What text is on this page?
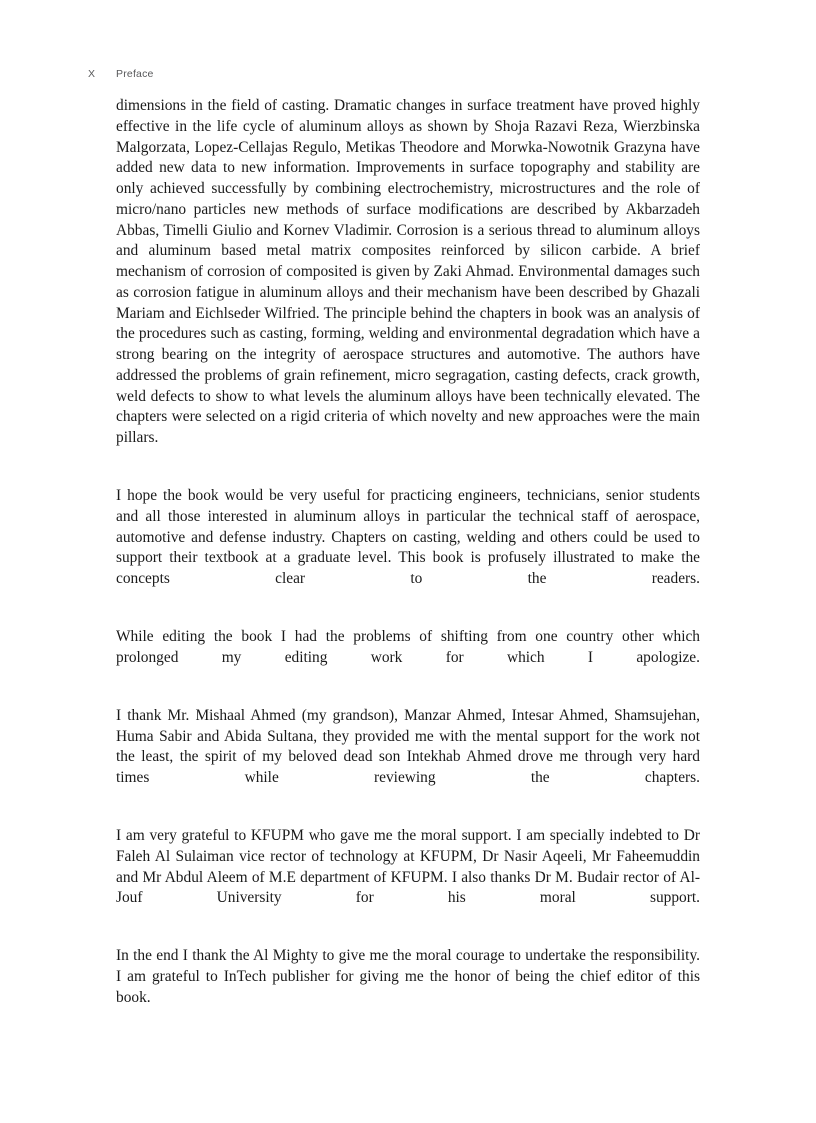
X	Preface

dimensions in the field of casting. Dramatic changes in surface treatment have proved highly effective in the life cycle of aluminum alloys as shown by Shoja Razavi Reza, Wierzbinska Malgorzata, Lopez-Cellajas Regulo, Metikas Theodore and Morwka-Nowotnik Grazyna have added new data to new information. Improvements in surface topography and stability are only achieved successfully by combining electrochemistry, microstructures and the role of micro/nano particles new methods of surface modifications are described by Akbarzadeh Abbas, Timelli Giulio and Kornev Vladimir. Corrosion is a serious thread to aluminum alloys and aluminum based metal matrix composites reinforced by silicon carbide. A brief mechanism of corrosion of composited is given by Zaki Ahmad. Environmental damages such as corrosion fatigue in aluminum alloys and their mechanism have been described by Ghazali Mariam and Eichlseder Wilfried. The principle behind the chapters in book was an analysis of the procedures such as casting, forming, welding and environmental degradation which have a strong bearing on the integrity of aerospace structures and automotive. The authors have addressed the problems of grain refinement, micro segragation, casting defects, crack growth, weld defects to show to what levels the aluminum alloys have been technically elevated. The chapters were selected on a rigid criteria of which novelty and new approaches were the main pillars.

I hope the book would be very useful for practicing engineers, technicians, senior students and all those interested in aluminum alloys in particular the technical staff of aerospace, automotive and defense industry. Chapters on casting, welding and others could be used to support their textbook at a graduate level. This book is profusely illustrated to make the concepts clear to the readers.

While editing the book I had the problems of shifting from one country other which prolonged my editing work for which I apologize.

I thank Mr. Mishaal Ahmed (my grandson), Manzar Ahmed, Intesar Ahmed, Shamsujehan, Huma Sabir and Abida Sultana, they provided me with the mental support for the work not the least, the spirit of my beloved dead son Intekhab Ahmed drove me through very hard times while reviewing the chapters.

I am very grateful to KFUPM who gave me the moral support. I am specially indebted to Dr Faleh Al Sulaiman vice rector of technology at KFUPM, Dr Nasir Aqeeli, Mr Faheemuddin and Mr Abdul Aleem of M.E department of KFUPM. I also thanks Dr M. Budair rector of Al-Jouf University for his moral support.

In the end I thank the Al Mighty to give me the moral courage to undertake the responsibility. I am grateful to InTech publisher for giving me the honor of being the chief editor of this book.
